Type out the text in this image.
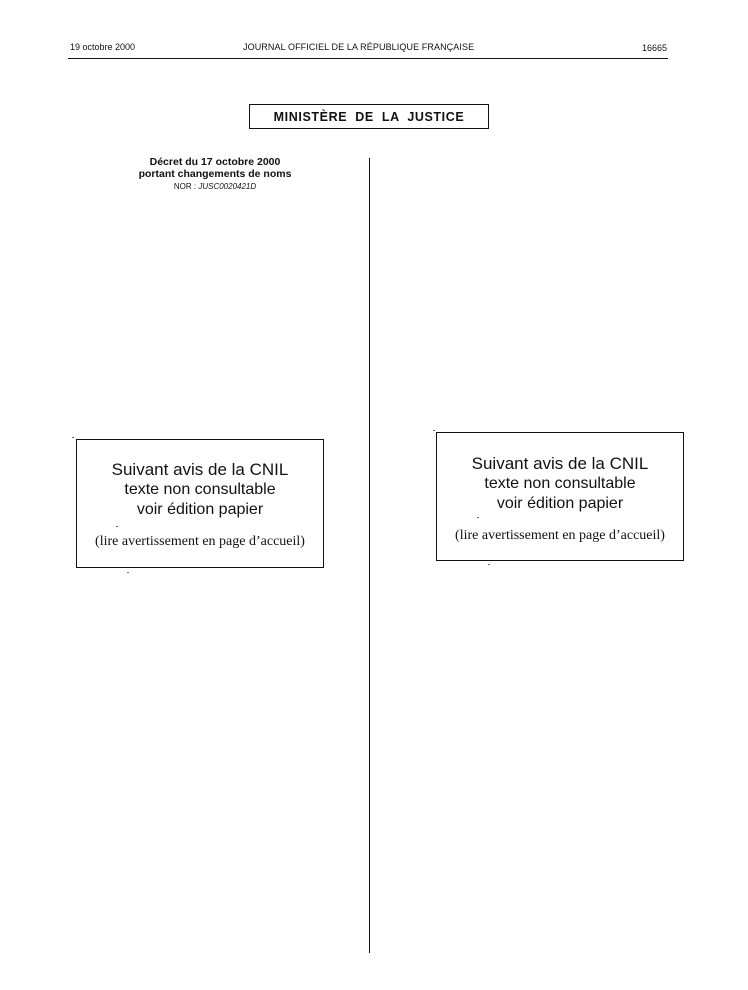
19 octobre 2000	JOURNAL OFFICIEL DE LA RÉPUBLIQUE FRANÇAISE	16665
MINISTÈRE DE LA JUSTICE
Décret du 17 octobre 2000
portant changements de noms
NOR : JUSC0020421D
Suivant avis de la CNIL
texte non consultable
voir édition papier
(lire avertissement en page d’accueil)
Suivant avis de la CNIL
texte non consultable
voir édition papier
(lire avertissement en page d’accueil)
